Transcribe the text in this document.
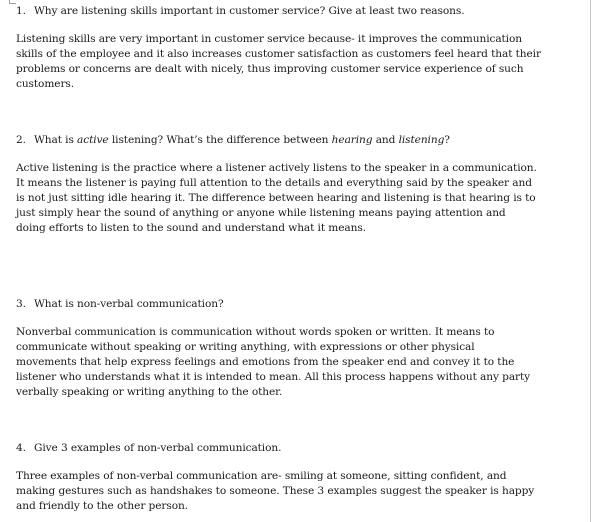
1. Why are listening skills important in customer service? Give at least two reasons.
Listening skills are very important in customer service because- it improves the communication
skills of the employee and it also increases customer satisfaction as customers feel heard that their
problems or concerns are dealt with nicely, thus improving customer service experience of such
customers.
2. What is active listening? What’s the difference between hearing and listening?
Active listening is the practice where a listener actively listens to the speaker in a communication.
It means the listener is paying full attention to the details and everything said by the speaker and
is not just sitting idle hearing it. The difference between hearing and listening is that hearing is to
just simply hear the sound of anything or anyone while listening means paying attention and
doing efforts to listen to the sound and understand what it means.
3. What is non-verbal communication?
Nonverbal communication is communication without words spoken or written. It means to
communicate without speaking or writing anything, with expressions or other physical
movements that help express feelings and emotions from the speaker end and convey it to the
listener who understands what it is intended to mean. All this process happens without any party
verbally speaking or writing anything to the other.
4. Give 3 examples of non-verbal communication.
Three examples of non-verbal communication are- smiling at someone, sitting confident, and
making gestures such as handshakes to someone. These 3 examples suggest the speaker is happy
and friendly to the other person.
